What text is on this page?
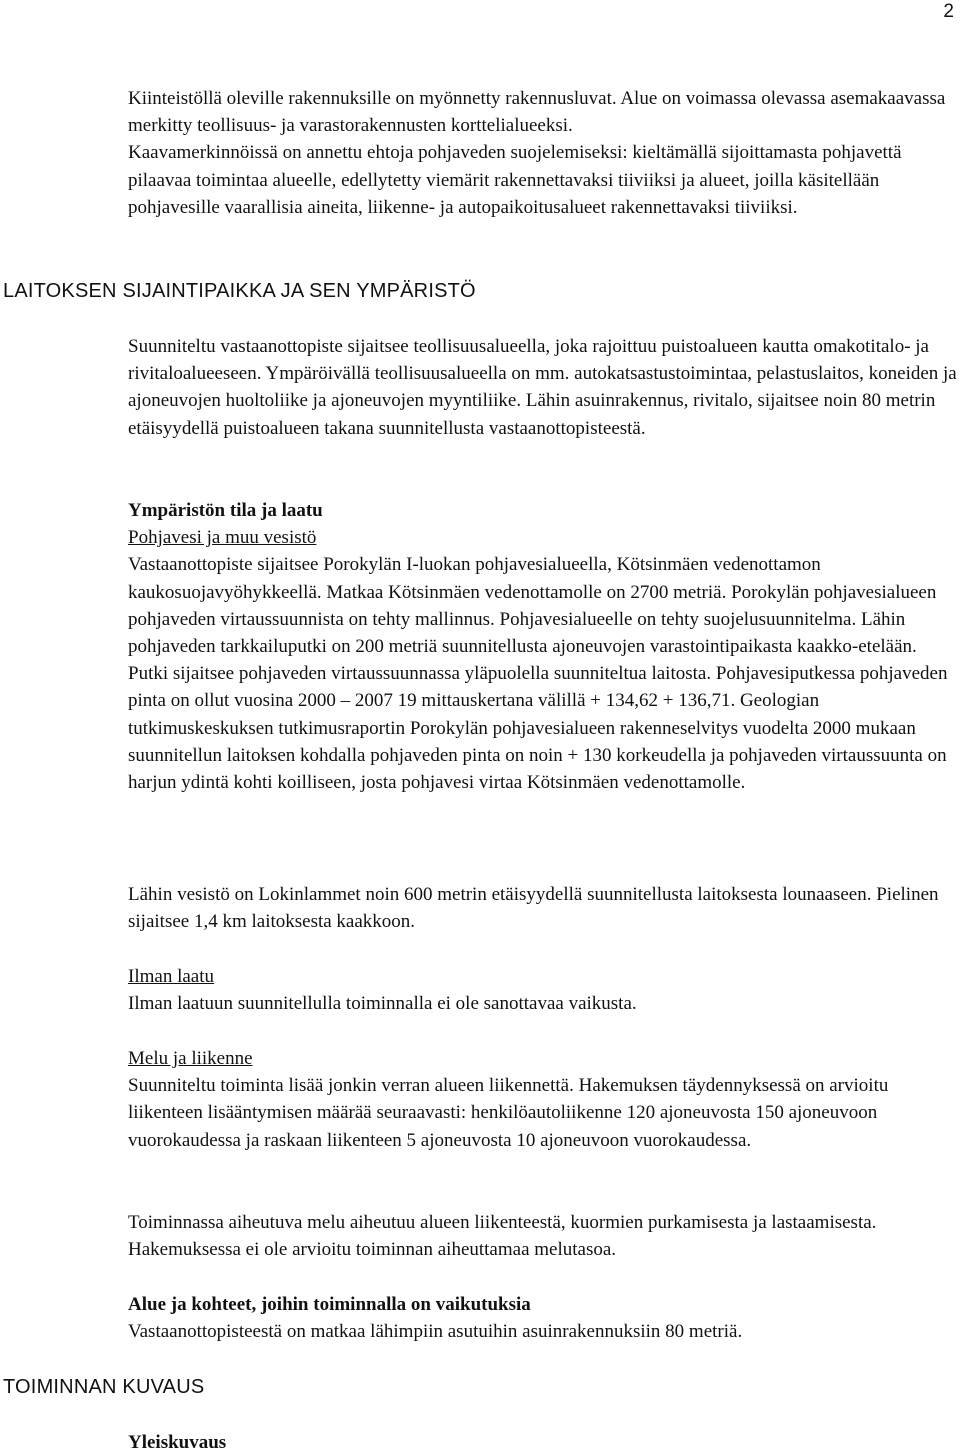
2

Kiinteistöllä oleville rakennuksille on myönnetty rakennusluvat. Alue on voimassa olevassa asemakaavassa merkitty teollisuus- ja varastorakennusten korttelialueeksi.

Kaavamerkinnöissä on annettu ehtoja pohjaveden suojelemiseksi: kieltämällä sijoittamasta pohjavettä pilaavaa toimintaa alueelle, edellytetty viemärit rakennettavaksi tiiviiksi ja alueet, joilla käsitellään pohjavesille vaarallisia aineita, liikenne- ja autopaikoitusalueet rakennettavaksi tiiviiksi.

LAITOKSEN SIJAINTIPAIKKA JA SEN YMPÄRISTÖ

Suunniteltu vastaanottopiste sijaitsee teollisuusalueella, joka rajoittuu puistoalueen kautta omakotitalo- ja rivitaloalueeseen. Ympäröivällä teollisuusalueella on mm. autokatsastustoimintaa, pelastuslaitos, koneiden ja ajoneuvojen huoltoliike ja ajoneuvojen myyntiliike. Lähin asuinrakennus, rivitalo, sijaitsee noin 80 metrin etäisyydellä puistoalueen takana suunnitellusta vastaanottopisteestä.

Ympäristön tila ja laatu

Pohjavesi ja muu vesistö

Vastaanottopiste sijaitsee Porokylän I-luokan pohjavesialueella, Kötsinmäen vedenottamon kaukosuojavyöhykkeellä. Matkaa Kötsinmäen vedenottamolle on 2700 metriä. Porokylän pohjavesialueen pohjaveden virtaussuunnista on tehty mallinnus. Pohjavesialueelle on tehty suojelusuunnitelma. Lähin pohjaveden tarkkailuputki on 200 metriä suunnitellusta ajoneuvojen varastointipaikasta kaakko-etelään. Putki sijaitsee pohjaveden virtaussuunnassa yläpuolella suunniteltua laitosta. Pohjavesiputkessa pohjaveden pinta on ollut vuosina 2000 – 2007 19 mittauskertana välillä + 134,62 + 136,71. Geologian tutkimuskeskuksen tutkimusraportin Porokylän pohjavesialueen rakenneselvitys vuodelta 2000 mukaan suunnitellun laitoksen kohdalla pohjaveden pinta on noin + 130 korkeudella ja pohjaveden virtaussuunta on harjun ydintä kohti koilliseen, josta pohjavesi virtaa Kötsinmäen vedenottamolle.

Lähin vesistö on Lokinlammet noin 600 metrin etäisyydellä suunnitellusta laitoksesta lounaaseen. Pielinen sijaitsee 1,4 km laitoksesta kaakkoon.

Ilman laatu

Ilman laatuun suunnitellulla toiminnalla ei ole sanottavaa vaikusta.

Melu ja liikenne

Suunniteltu toiminta lisää jonkin verran alueen liikennettä. Hakemuksen täydennyksessä on arvioitu liikenteen lisääntymisen määrää seuraavasti: henkilöautoliikenne 120 ajoneuvosta 150 ajoneuvoon vuorokaudessa ja raskaan liikenteen 5 ajoneuvosta 10 ajoneuvoon vuorokaudessa.

Toiminnassa aiheutuva melu aiheutuu alueen liikenteestä, kuormien purkamisesta ja lastaamisesta. Hakemuksessa ei ole arvioitu toiminnan aiheuttamaa melutasoa.

Alue ja kohteet, joihin toiminnalla on vaikutuksia

Vastaanottopisteestä on matkaa lähimpiin asutuihin asuinrakennuksiin 80 metriä.

TOIMINNAN KUVAUS

Yleiskuvaus
